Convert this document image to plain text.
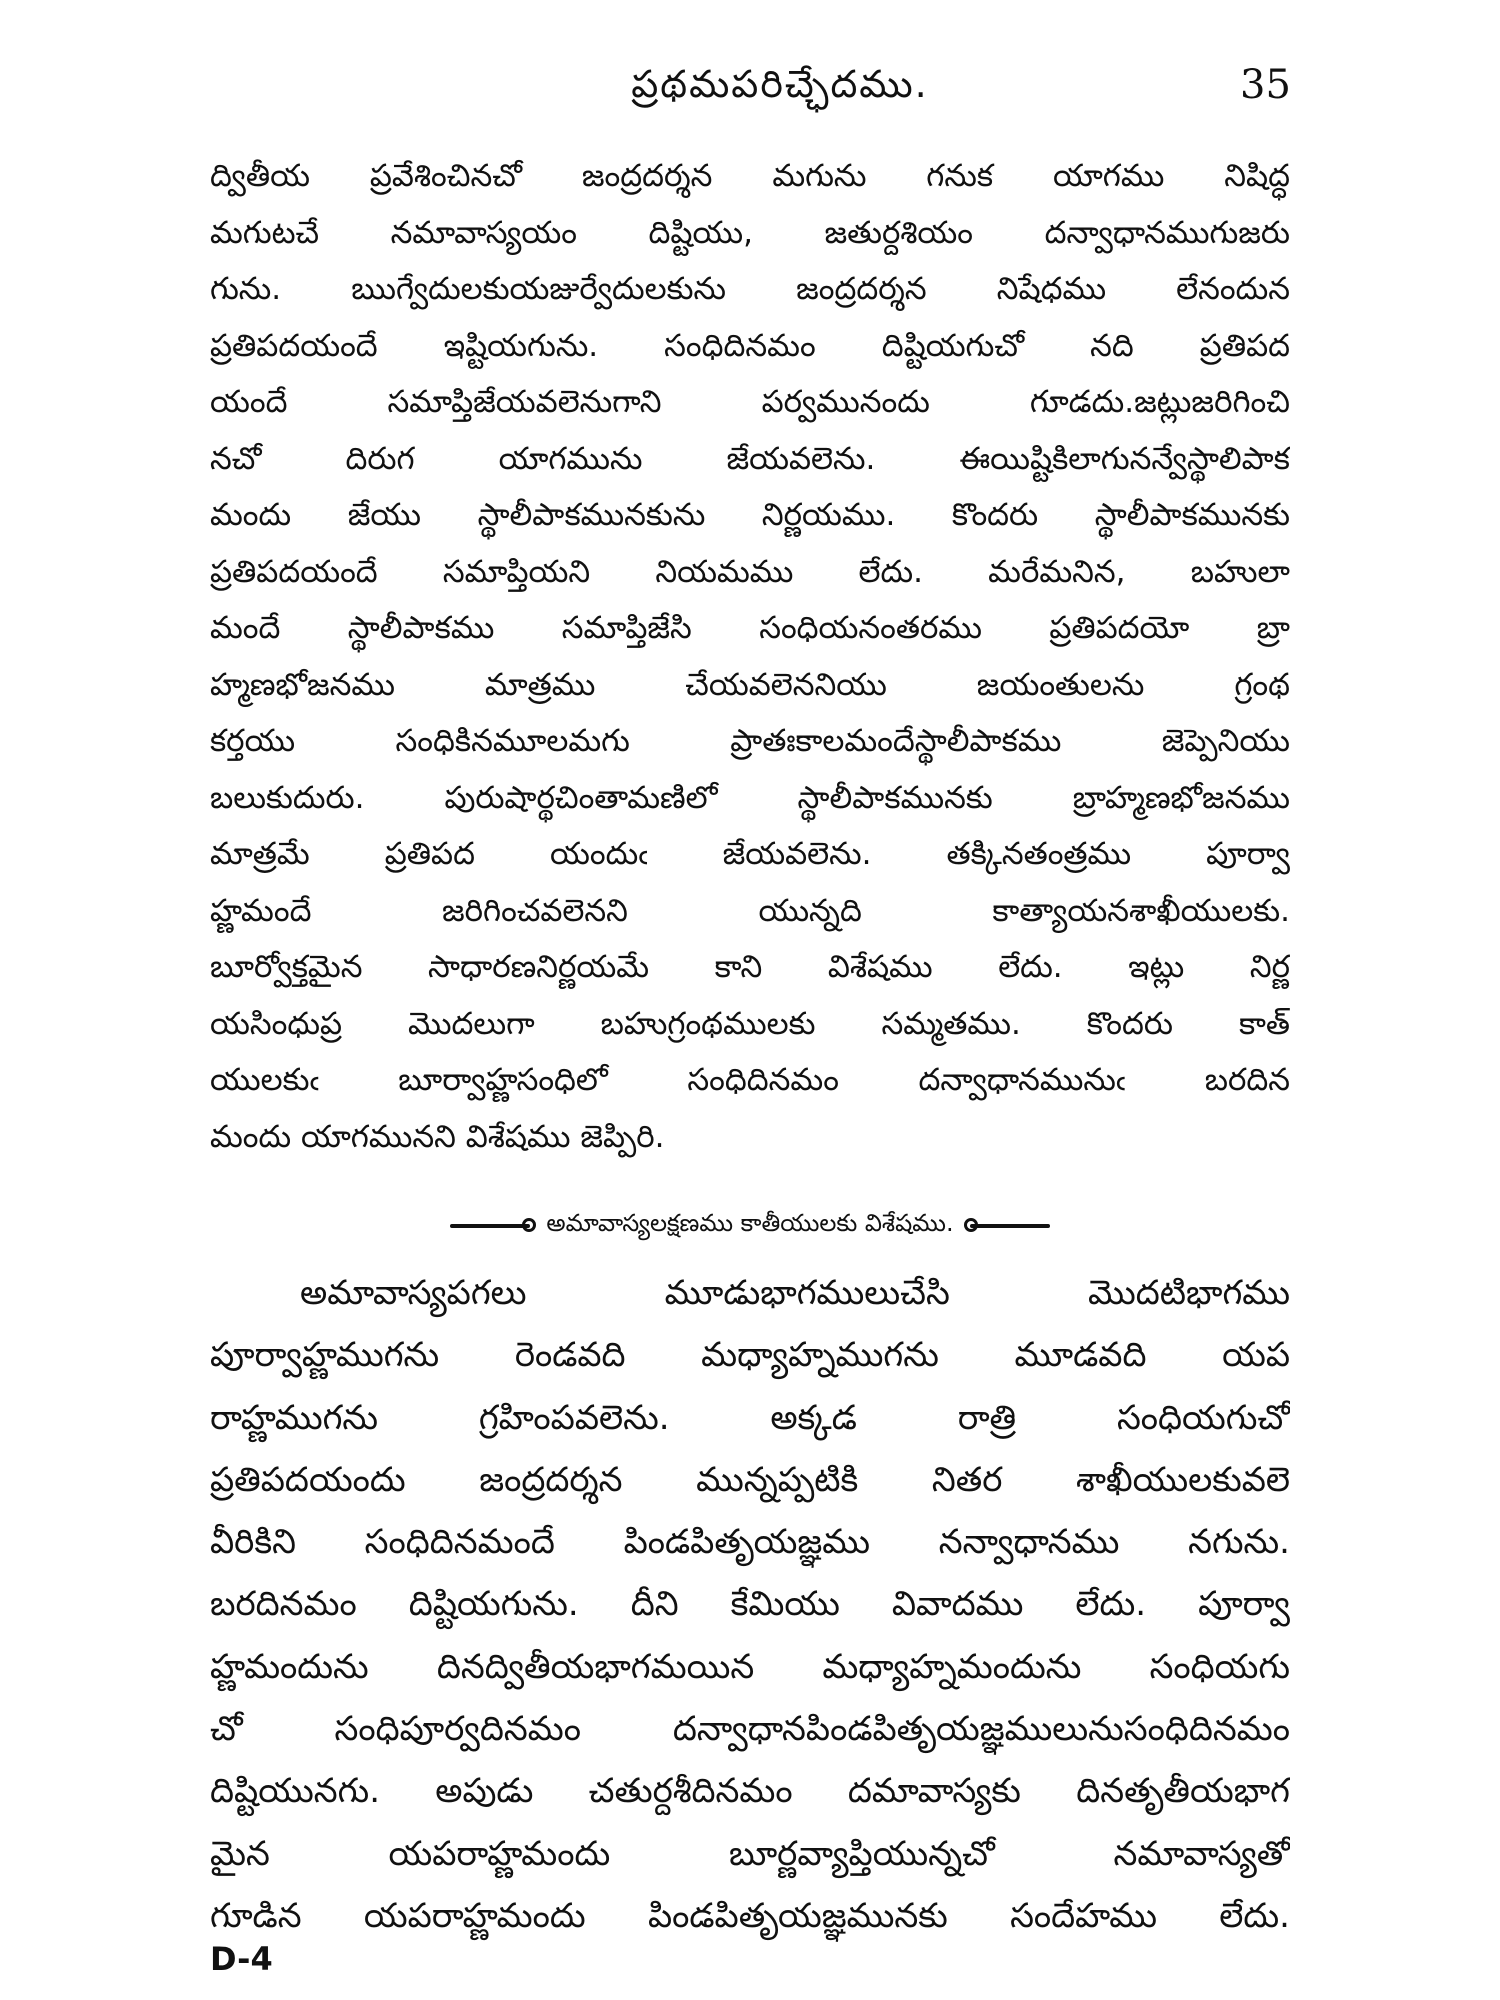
ప్రథమపరిచ్ఛేదము.	35
ద్వితీయ ప్రవేశించినచో జంద్రదర్శన మగును గనుక యాగము నిషిద్ధ
మగుటచే నమావాస్యయం దిష్టియు, జతుర్దశియం దన్వాధానముగుజరు
గును. ఋగ్వేదులకుయజుర్వేదులకును జంద్రదర్శన నిషేధము లేనందున
ప్రతిపదయందే ఇష్టియగును. సంధిదినమం దిష్టియగుచో నది ప్రతిపద
యందే సమాప్తిజేయవలెనుగాని పర్వమునందు గూడదు.జట్లుజరిగించి
నచో దిరుగ యాగమును జేయవలెను. ఈయిష్టికిలాగునన్వేస్థాలిపాక
మందు జేయు స్థాలీపాకమునకును నిర్ణయము. కొందరు స్థాలీపాకమునకు
ప్రతిపదయందే సమాప్తియని నియమము లేదు. మరేమనిన, బహులా
మందే స్థాలీపాకము సమాప్తిజేసి సంధియనంతరము ప్రతిపదయో బ్రా
హ్మణభోజనము మాత్రము చేయవలెననియు జయంతులను గ్రంథ
కర్తయు సంధికినమూలమగు ప్రాతఃకాలమందేస్థాలీపాకము జెప్పెనియు
బలుకుదురు. పురుషార్థచింతామణిలో స్థాలీపాకమునకు బ్రాహ్మణభోజనము
మాత్రమే ప్రతిపద యందుఁ జేయవలెను. తక్కినతంత్రము పూర్వా
హ్ణమందే జరిగించవలెనని యున్నది కాత్యాయనశాఖీయులకు.
బూర్వోక్తమైన సాధారణనిర్ణయమే కాని విశేషము లేదు. ఇట్లు నిర్ణ
యసింధుప్ర మొదలుగా బహుగ్రంథములకు సమ్మతము. కొందరు కాత్
యులకుఁ బూర్వాహ్ణసంధిలో సంధిదినమం దన్వాధానమునుఁ బరదిన
మందు యాగమునని విశేషము జెప్పిరి.
అమావాస్యలక్షణము కాతీయులకు విశేషము.
అమావాస్యపగలు మూడుభాగములుచేసి మొదటిభాగము
పూర్వాహ్ణముగను రెండవది మధ్యాహ్నముగను మూడవది యప
రాహ్ణముగను గ్రహింపవలెను. అక్కడ రాత్రి సంధియగుచో
ప్రతిపదయందు జంద్రదర్శన మున్నప్పటికి నితర శాఖీయులకువలె
వీరికిని సంధిదినమందే పిండపితృయజ్ఞము నన్వాధానము నగును.
బరదినమం దిష్టియగును. దీని కేమియు వివాదము లేదు. పూర్వా
హ్ణమందును దినద్వితీయభాగమయిన మధ్యాహ్నమందును సంధియగు
చో సంధిపూర్వదినమం దన్వాధానపిండపితృయజ్ఞములునుసంధిదినమం
దిష్టియునగు. అపుడు చతుర్దశీదినమం దమావాస్యకు దినతృతీయభాగ
మైన యపరాహ్ణమందు బూర్ణవ్యాప్తియున్నచో నమావాస్యతో
గూడిన యపరాహ్ణమందు పిండపితృయజ్ఞమునకు సందేహము లేదు.
D-4
